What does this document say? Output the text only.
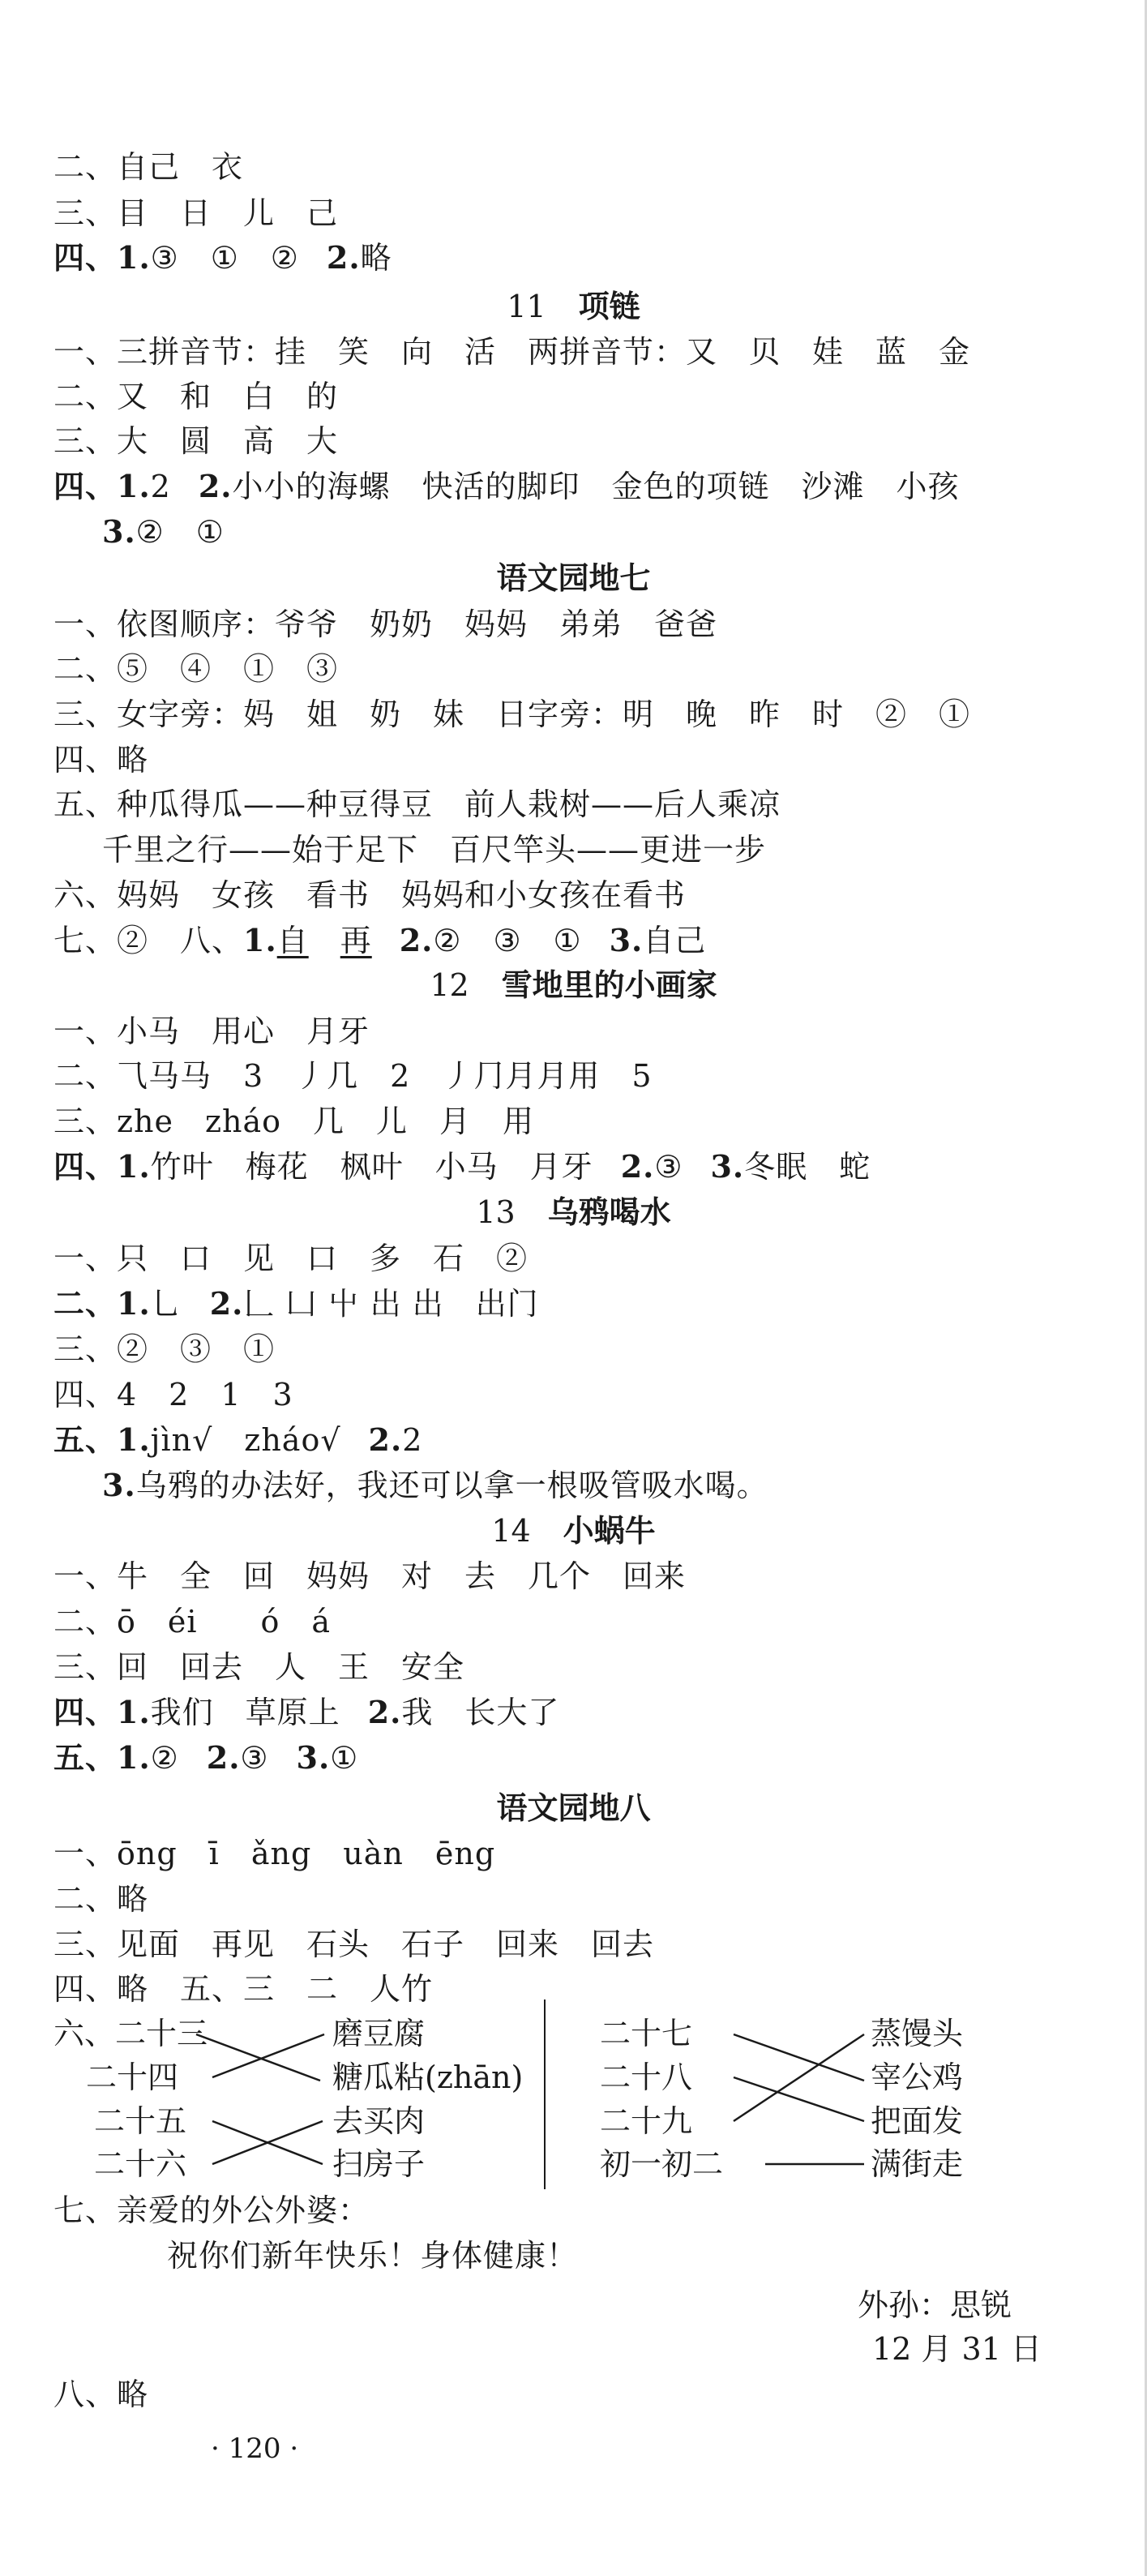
二、自己　衣
三、目　日　儿　己
四、1.③　①　② 2.略
11 项链
一、三拼音节：挂　笑　向　活　两拼音节：又　贝　娃　蓝　金
二、又　和　白　的
三、大　圆　高　大
四、1.2 2.小小的海螺　快活的脚印　金色的项链　沙滩　小孩
3.②　①
语文园地七
一、依图顺序：爷爷　奶奶　妈妈　弟弟　爸爸
二、⑤　④　①　③
三、女字旁：妈　姐　奶　妹　日字旁：明　晚　昨　时　②　①
四、略
五、种瓜得瓜——种豆得豆　前人栽树——后人乘凉
千里之行——始于足下　百尺竿头——更进一步
六、妈妈　女孩　看书　妈妈和小女孩在看书
七、②　八、1.自　 再 2.②　③　① 3.自己
12 雪地里的小画家
一、小马　用心　月牙
二、⺄马马　3　丿几　2　丿⺆月月用　5
三、zhe　zháo　几　儿　月　用
四、1.竹叶　梅花　枫叶　小马　月牙 2.③ 3.冬眠　蛇
13 乌鸦喝水
一、只　口　见　口　多　石　②
二、1.乚 2.𠃊 凵 屮 出 出　出门
三、②　③　①
四、4　2　1　3
五、1.jìn√　zháo√ 2.2
3.乌鸦的办法好，我还可以拿一根吸管吸水喝。
14 小蜗牛
一、牛　全　回　妈妈　对　去　几个　回来
二、ō　éi　　ó　á
三、回　回去　人　王　安全
四、1.我们　草原上 2.我　长大了
五、1.② 2.③ 3.①
语文园地八
一、ōng　ī　ǎng　uàn　ēng
二、略
三、见面　再见　石头　石子　回来　回去
四、略　五、三　二　人竹
六、二十三
二十四
二十五
二十六
磨豆腐
糖瓜粘(zhān)
去买肉
扫房子
二十七
二十八
二十九
初一初二
蒸馒头
宰公鸡
把面发
满街走
七、亲爱的外公外婆：
祝你们新年快乐！身体健康！
外孙：思锐
12 月 31 日
八、略
· 120 ·
